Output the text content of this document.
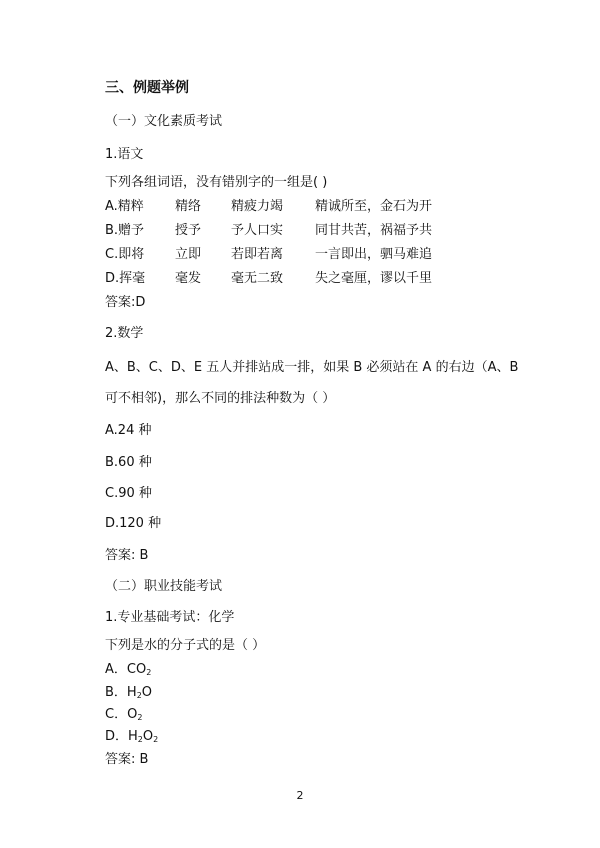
三、例题举例
（一）文化素质考试
1.语文
下列各组词语，没有错别字的一组是( )
A.精粹 精络 精疲力竭 精诚所至，金石为开
B.赠予 授予 予人口实 同甘共苦，祸福予共
C.即将 立即 若即若离 一言即出，驷马难追
D.挥毫 毫发 毫无二致 失之毫厘，谬以千里
答案:D
2.数学
A、B、C、D、E 五人并排站成一排，如果 B 必须站在 A 的右边（A、B
可不相邻)，那么不同的排法种数为（ ）
A.24 种
B.60 种
C.90 种
D.120 种
答案: B
（二）职业技能考试
1.专业基础考试：化学
下列是水的分子式的是（ ）
A．$CO_2$
B．$H_2O$
C．$O_2$
D．$H_2O_2$
答案: B
2
